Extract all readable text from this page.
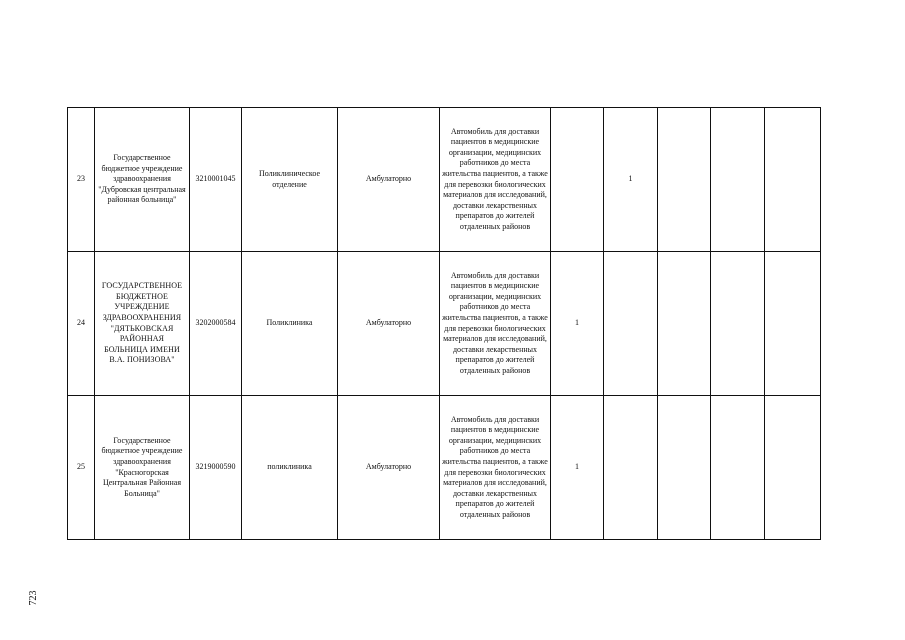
723
23	Государственное бюджетное учреждение здравоохранения "Дубровская центральная районная больница"	3210001045	Поликлиническое отделение	Амбулаторно	Автомобиль для доставки пациентов в медицинские организации, медицинских работников до места жительства пациентов, а также для перевозки биологических материалов для исследований, доставки лекарственных препаратов до жителей отдаленных районов		1			
24	ГОСУДАРСТВЕННОЕ БЮДЖЕТНОЕ УЧРЕЖДЕНИЕ ЗДРАВООХРАНЕНИЯ "ДЯТЬКОВСКАЯ РАЙОННАЯ БОЛЬНИЦА ИМЕНИ В.А. ПОНИЗОВА"	3202000584	Поликлиника	Амбулаторно	Автомобиль для доставки пациентов в медицинские организации, медицинских работников до места жительства пациентов, а также для перевозки биологических материалов для исследований, доставки лекарственных препаратов до жителей отдаленных районов	1				
25	Государственное бюджетное учреждение здравоохранения "Красногорская Центральная Районная Больница"	3219000590	поликлиника	Амбулаторно	Автомобиль для доставки пациентов в медицинские организации, медицинских работников до места жительства пациентов, а также для перевозки биологических материалов для исследований, доставки лекарственных препаратов до жителей отдаленных районов	1				
